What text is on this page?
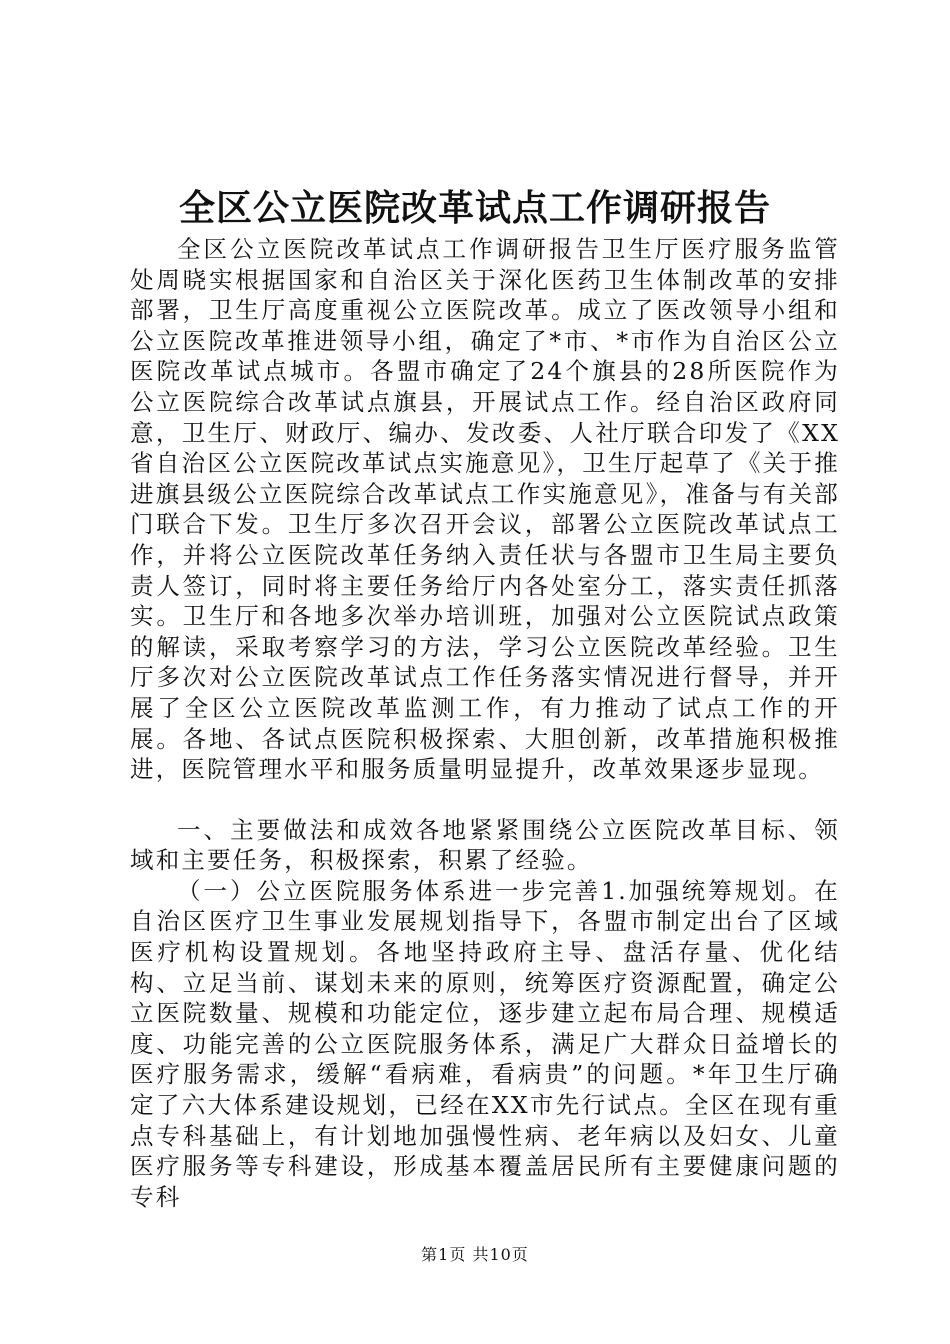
全区公立医院改革试点工作调研报告

全区公立医院改革试点工作调研报告卫生厅医疗服务监管处周晓实根据国家和自治区关于深化医药卫生体制改革的安排部署，卫生厅高度重视公立医院改革。成立了医改领导小组和公立医院改革推进领导小组，确定了*市、*市作为自治区公立医院改革试点城市。各盟市确定了24个旗县的28所医院作为公立医院综合改革试点旗县，开展试点工作。经自治区政府同意，卫生厅、财政厅、编办、发改委、人社厅联合印发了《XX省自治区公立医院改革试点实施意见》，卫生厅起草了《关于推进旗县级公立医院综合改革试点工作实施意见》，准备与有关部门联合下发。卫生厅多次召开会议，部署公立医院改革试点工作，并将公立医院改革任务纳入责任状与各盟市卫生局主要负责人签订，同时将主要任务给厅内各处室分工，落实责任抓落实。卫生厅和各地多次举办培训班，加强对公立医院试点政策的解读，采取考察学习的方法，学习公立医院改革经验。卫生厅多次对公立医院改革试点工作任务落实情况进行督导，并开展了全区公立医院改革监测工作，有力推动了试点工作的开展。各地、各试点医院积极探索、大胆创新，改革措施积极推进，医院管理水平和服务质量明显提升，改革效果逐步显现。

一、主要做法和成效各地紧紧围绕公立医院改革目标、领域和主要任务，积极探索，积累了经验。

（一）公立医院服务体系进一步完善1.加强统筹规划。在自治区医疗卫生事业发展规划指导下，各盟市制定出台了区域医疗机构设置规划。各地坚持政府主导、盘活存量、优化结构、立足当前、谋划未来的原则，统筹医疗资源配置，确定公立医院数量、规模和功能定位，逐步建立起布局合理、规模适度、功能完善的公立医院服务体系，满足广大群众日益增长的医疗服务需求，缓解“看病难，看病贵”的问题。*年卫生厅确定了六大体系建设规划，已经在XX市先行试点。全区在现有重点专科基础上，有计划地加强慢性病、老年病以及妇女、儿童医疗服务等专科建设，形成基本覆盖居民所有主要健康问题的专科

第1页 共10页
